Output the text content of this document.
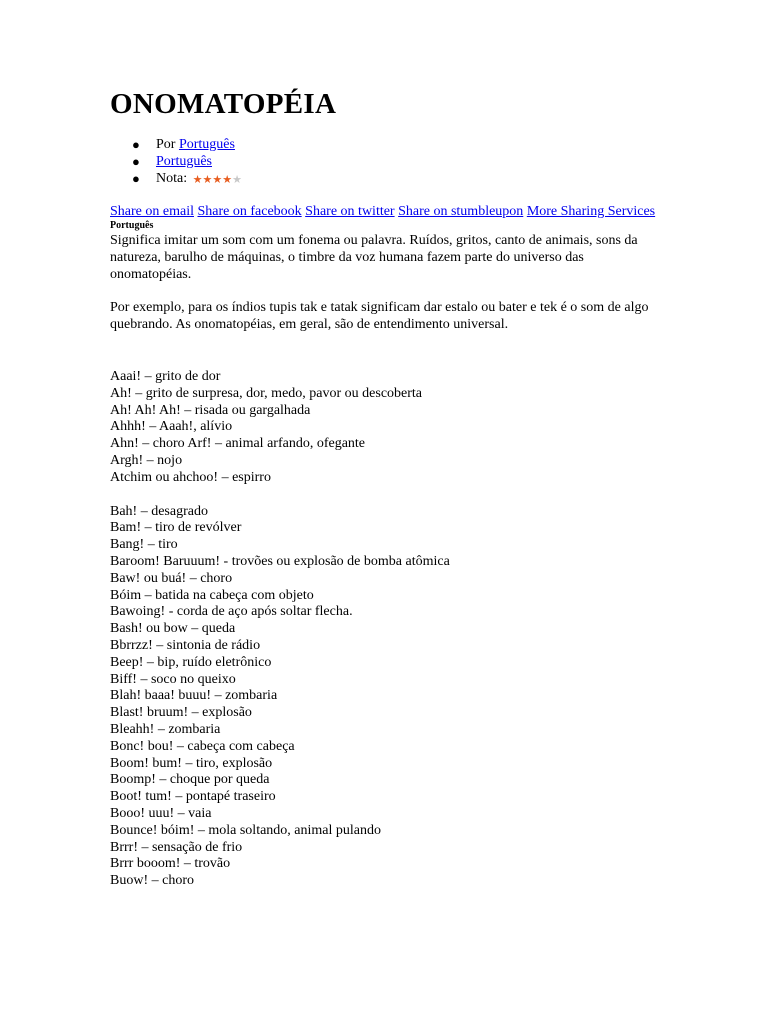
ONOMATOPÉIA
● Por Português
● Português
● Nota: ★★★★★
Share on email Share on facebook Share on twitter Share on stumbleupon More Sharing Services
Português

Significa imitar um som com um fonema ou palavra. Ruídos, gritos, canto de animais, sons da natureza, barulho de máquinas, o timbre da voz humana fazem parte do universo das onomatopéias.

Por exemplo, para os índios tupis tak e tatak significam dar estalo ou bater e tek é o som de algo quebrando. As onomatopéias, em geral, são de entendimento universal.

Aaai! – grito de dor
Ah! – grito de surpresa, dor, medo, pavor ou descoberta
Ah! Ah! Ah! – risada ou gargalhada
Ahhh! – Aaah!, alívio
Ahn! – choro Arf! – animal arfando, ofegante
Argh! – nojo
Atchim ou ahchoo! – espirro
Bah! – desagrado
Bam! – tiro de revólver
Bang! – tiro
Baroom! Baruuum! - trovões ou explosão de bomba atômica
Baw! ou buá! – choro
Bóim – batida na cabeça com objeto
Bawoing! - corda de aço após soltar flecha.
Bash! ou bow – queda
Bbrrzz! – sintonia de rádio
Beep! – bip, ruído eletrônico
Biff! – soco no queixo
Blah! baaa! buuu! – zombaria
Blast! bruum! – explosão
Bleahh! – zombaria
Bonc! bou! – cabeça com cabeça
Boom! bum! – tiro, explosão
Boomp! – choque por queda
Boot! tum! – pontapé traseiro
Booo! uuu! – vaia
Bounce! bóim! – mola soltando, animal pulando
Brrr! – sensação de frio
Brrr booom! – trovão
Buow! – choro
